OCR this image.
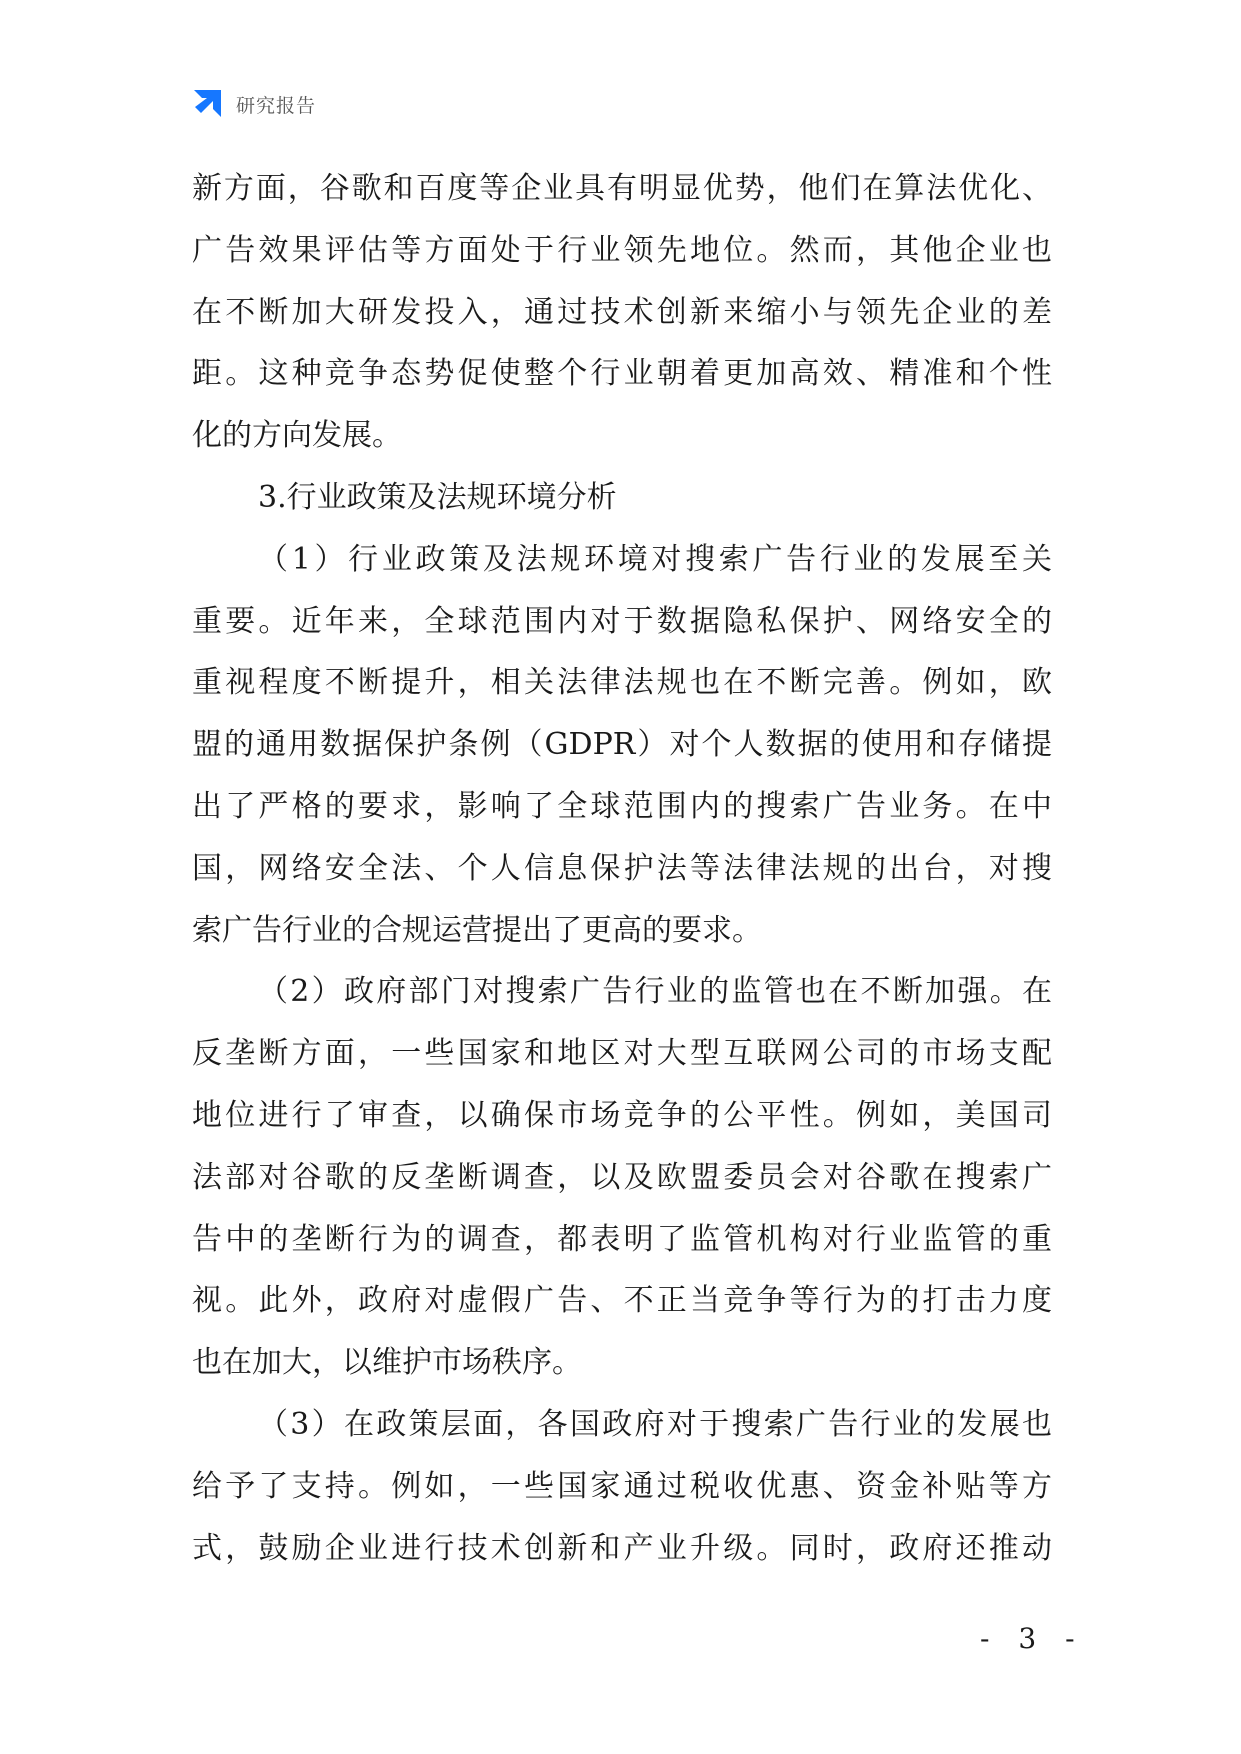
研究报告
新方面，谷歌和百度等企业具有明显优势，他们在算法优化、
广告效果评估等方面处于行业领先地位。然而，其他企业也
在不断加大研发投入，通过技术创新来缩小与领先企业的差
距。这种竞争态势促使整个行业朝着更加高效、精准和个性
化的方向发展。
3.行业政策及法规环境分析
（1）行业政策及法规环境对搜索广告行业的发展至关
重要。近年来，全球范围内对于数据隐私保护、网络安全的
重视程度不断提升，相关法律法规也在不断完善。例如，欧
盟的通用数据保护条例（GDPR）对个人数据的使用和存储提
出了严格的要求，影响了全球范围内的搜索广告业务。在中
国，网络安全法、个人信息保护法等法律法规的出台，对搜
索广告行业的合规运营提出了更高的要求。
（2）政府部门对搜索广告行业的监管也在不断加强。在
反垄断方面，一些国家和地区对大型互联网公司的市场支配
地位进行了审查，以确保市场竞争的公平性。例如，美国司
法部对谷歌的反垄断调查，以及欧盟委员会对谷歌在搜索广
告中的垄断行为的调查，都表明了监管机构对行业监管的重
视。此外，政府对虚假广告、不正当竞争等行为的打击力度
也在加大，以维护市场秩序。
（3）在政策层面，各国政府对于搜索广告行业的发展也
给予了支持。例如，一些国家通过税收优惠、资金补贴等方
式，鼓励企业进行技术创新和产业升级。同时，政府还推动
- 3 -
